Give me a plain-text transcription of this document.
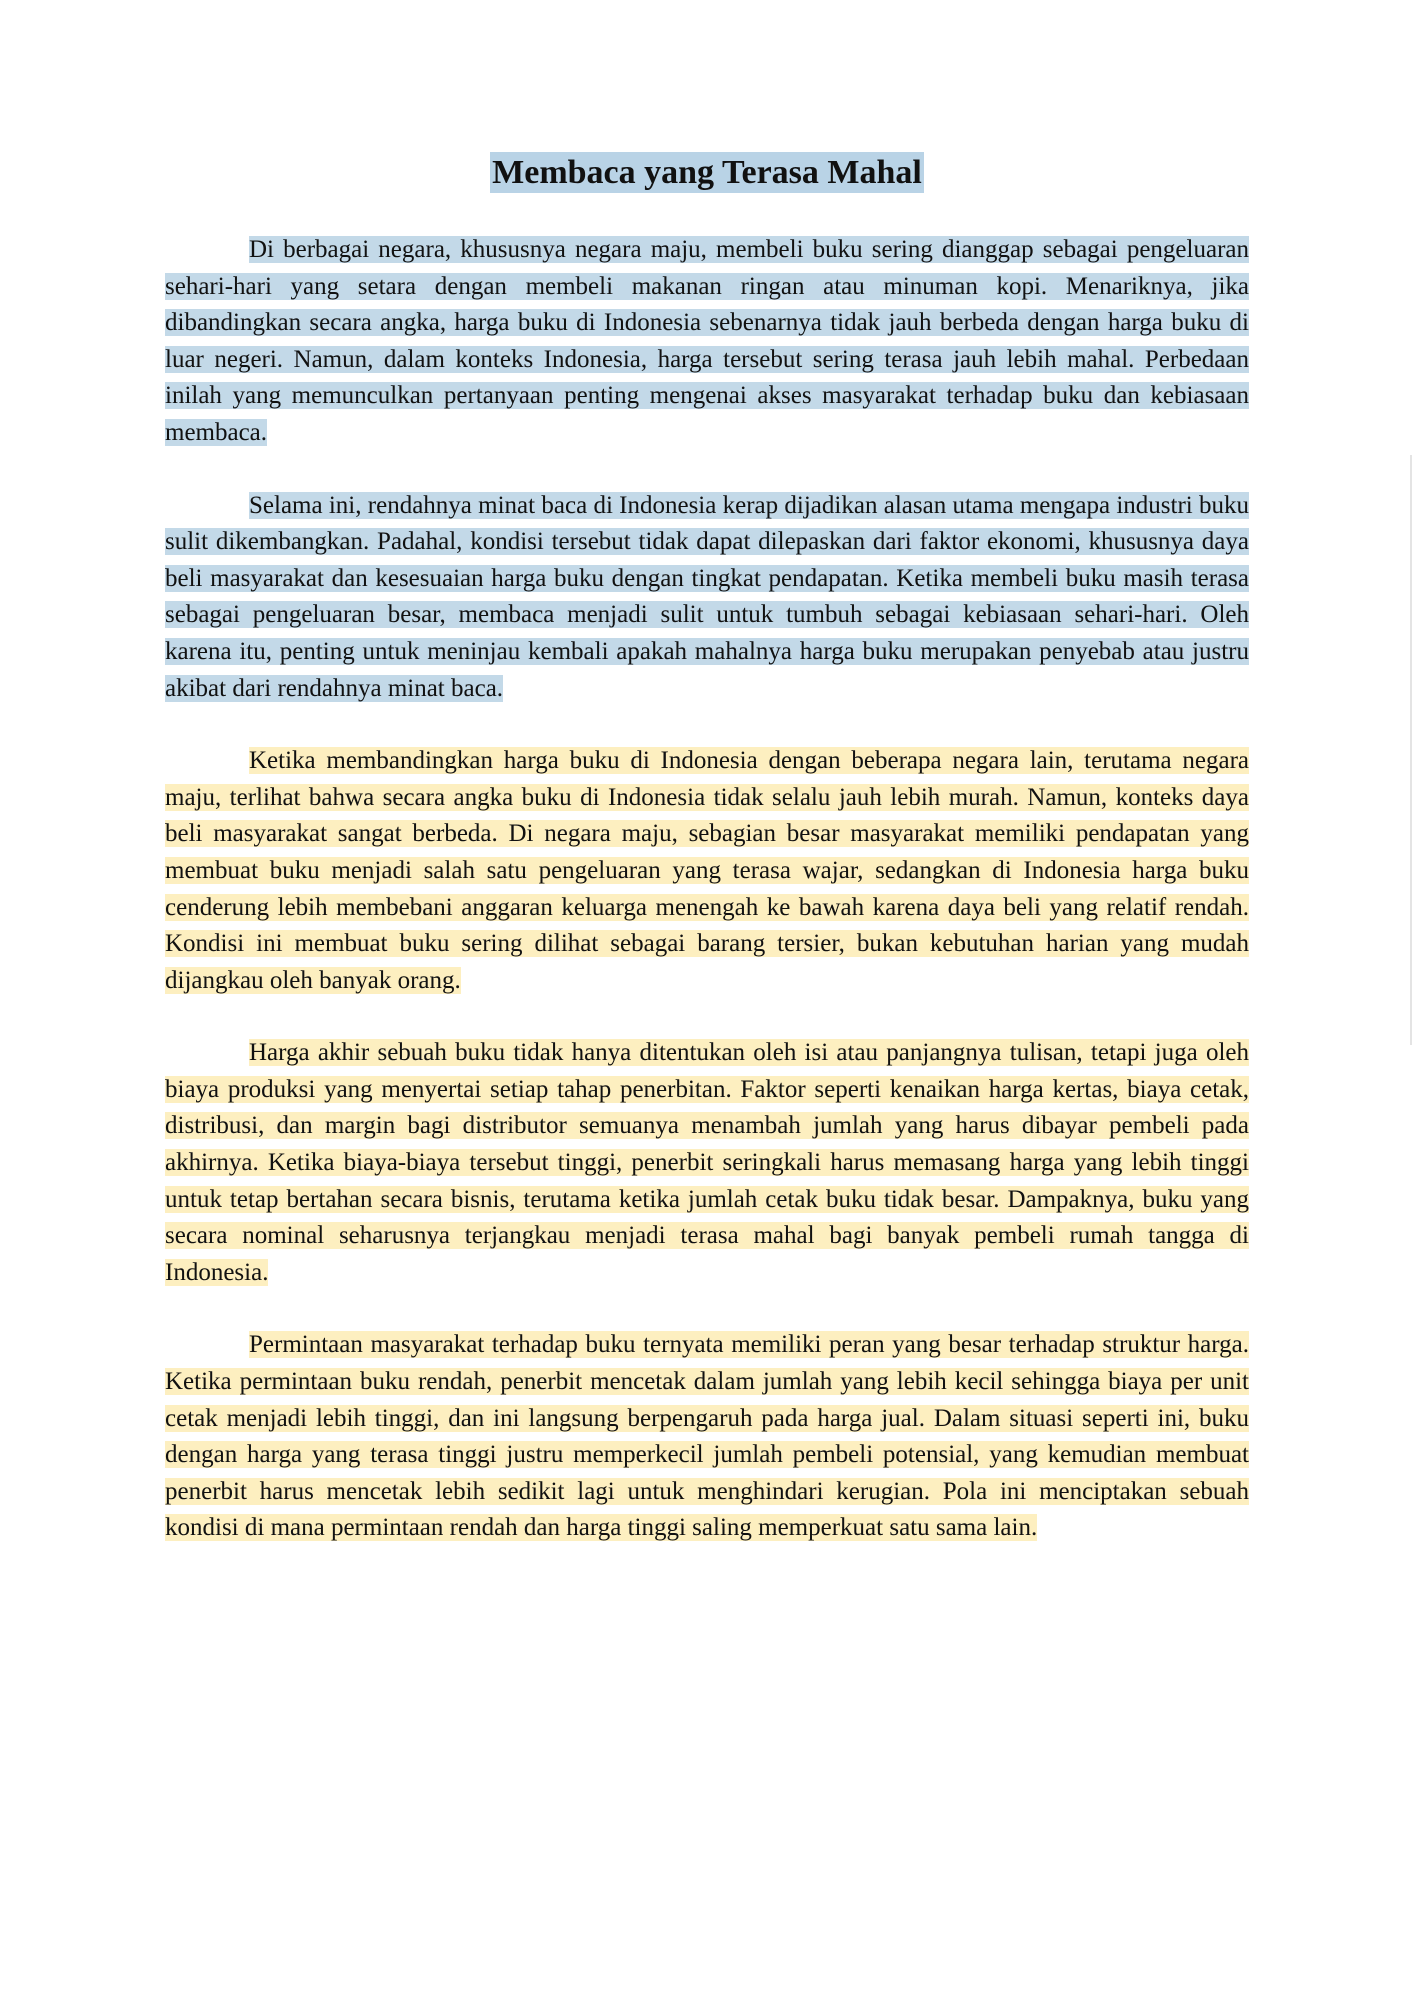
Membaca yang Terasa Mahal

Di berbagai negara, khususnya negara maju, membeli buku sering dianggap sebagai pengeluaran sehari-hari yang setara dengan membeli makanan ringan atau minuman kopi. Menariknya, jika dibandingkan secara angka, harga buku di Indonesia sebenarnya tidak jauh berbeda dengan harga buku di luar negeri. Namun, dalam konteks Indonesia, harga tersebut sering terasa jauh lebih mahal. Perbedaan inilah yang memunculkan pertanyaan penting mengenai akses masyarakat terhadap buku dan kebiasaan membaca.

Selama ini, rendahnya minat baca di Indonesia kerap dijadikan alasan utama mengapa industri buku sulit dikembangkan. Padahal, kondisi tersebut tidak dapat dilepaskan dari faktor ekonomi, khususnya daya beli masyarakat dan kesesuaian harga buku dengan tingkat pendapatan. Ketika membeli buku masih terasa sebagai pengeluaran besar, membaca menjadi sulit untuk tumbuh sebagai kebiasaan sehari-hari. Oleh karena itu, penting untuk meninjau kembali apakah mahalnya harga buku merupakan penyebab atau justru akibat dari rendahnya minat baca.

Ketika membandingkan harga buku di Indonesia dengan beberapa negara lain, terutama negara maju, terlihat bahwa secara angka buku di Indonesia tidak selalu jauh lebih murah. Namun, konteks daya beli masyarakat sangat berbeda. Di negara maju, sebagian besar masyarakat memiliki pendapatan yang membuat buku menjadi salah satu pengeluaran yang terasa wajar, sedangkan di Indonesia harga buku cenderung lebih membebani anggaran keluarga menengah ke bawah karena daya beli yang relatif rendah. Kondisi ini membuat buku sering dilihat sebagai barang tersier, bukan kebutuhan harian yang mudah dijangkau oleh banyak orang.

Harga akhir sebuah buku tidak hanya ditentukan oleh isi atau panjangnya tulisan, tetapi juga oleh biaya produksi yang menyertai setiap tahap penerbitan. Faktor seperti kenaikan harga kertas, biaya cetak, distribusi, dan margin bagi distributor semuanya menambah jumlah yang harus dibayar pembeli pada akhirnya. Ketika biaya-biaya tersebut tinggi, penerbit seringkali harus memasang harga yang lebih tinggi untuk tetap bertahan secara bisnis, terutama ketika jumlah cetak buku tidak besar. Dampaknya, buku yang secara nominal seharusnya terjangkau menjadi terasa mahal bagi banyak pembeli rumah tangga di Indonesia.

Permintaan masyarakat terhadap buku ternyata memiliki peran yang besar terhadap struktur harga. Ketika permintaan buku rendah, penerbit mencetak dalam jumlah yang lebih kecil sehingga biaya per unit cetak menjadi lebih tinggi, dan ini langsung berpengaruh pada harga jual. Dalam situasi seperti ini, buku dengan harga yang terasa tinggi justru memperkecil jumlah pembeli potensial, yang kemudian membuat penerbit harus mencetak lebih sedikit lagi untuk menghindari kerugian. Pola ini menciptakan sebuah kondisi di mana permintaan rendah dan harga tinggi saling memperkuat satu sama lain.
